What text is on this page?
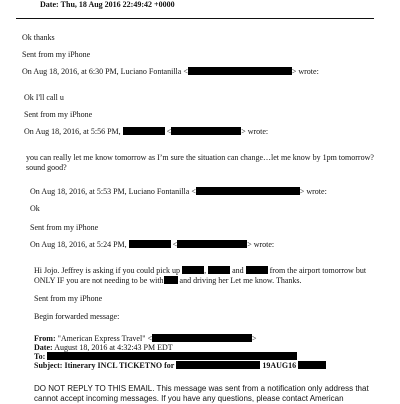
Date: Thu, 18 Aug 2016 22:49:42 +0000
Ok thanks
Sent from my iPhone
On Aug 18, 2016, at 6:30 PM, Luciano Fontanilla <	> wrote:
Ok I'll call u
Sent from my iPhone
On Aug 18, 2016, at 5:56 PM,	<	> wrote:
you can really let me know tomorrow as I’m sure the situation can change…let me know by 1pm tomorrow?
sound good?
On Aug 18, 2016, at 5:53 PM, Luciano Fontanilla <	> wrote:
Ok
Sent from my iPhone
On Aug 18, 2016, at 5:24 PM,	<	> wrote:
Hi Jojo. Jeffrey is asking if you could pick up	,	and	from the airport tomorrow but
ONLY IF you are not needing to be with and driving her Let me know. Thanks.
Sent from my iPhone
Begin forwarded message:
From: "American Express Travel" <	>
Date: August 18, 2016 at 4:32:43 PM EDT
To:
Subject: Itinerary INCL TICKETNO for	19AUG16
DO NOT REPLY TO THIS EMAIL. This message was sent from a notification only address that
cannot accept incoming messages. If you have any questions, please contact American
